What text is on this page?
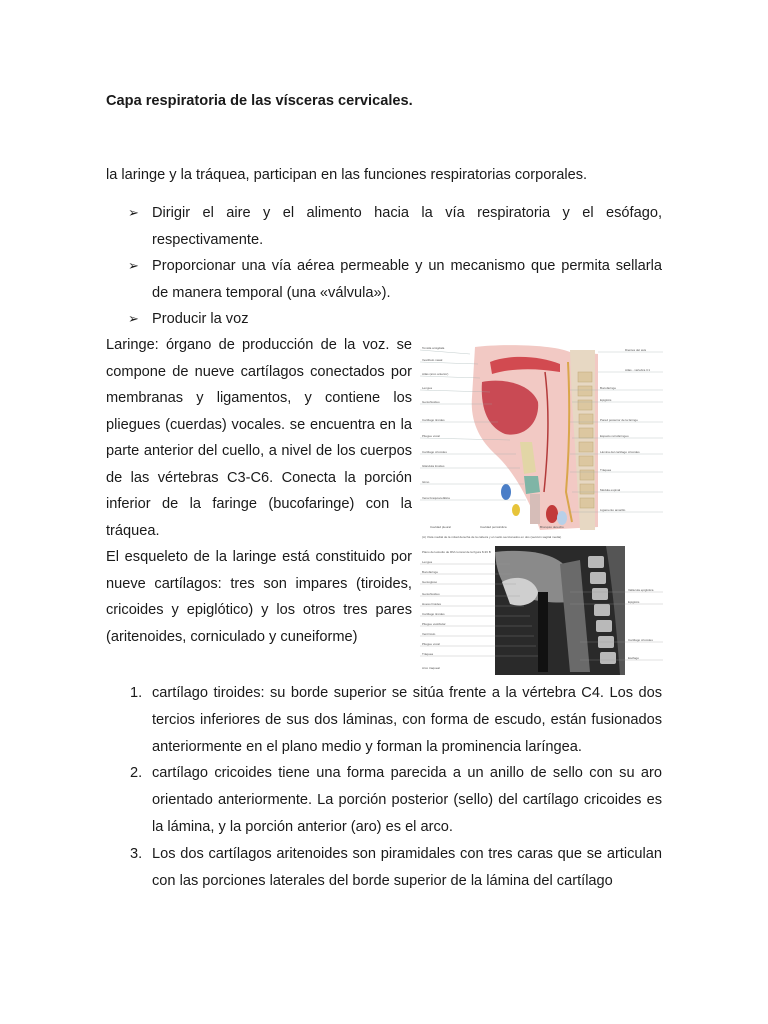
Capa respiratoria de las vísceras cervicales.
la laringe y la tráquea, participan en las funciones respiratorias corporales.
➢ Dirigir el aire y el alimento hacia la vía respiratoria y el esófago, respectivamente.
➢ Proporcionar una vía aérea permeable y un mecanismo que permita sellarla de manera temporal (una «válvula»).
➢ Producir la voz

Laringe: órgano de producción de la voz. se compone de nueve cartílagos conectados por membranas y ligamentos, y contiene los pliegues (cuerdas) vocales. se encuentra en la parte anterior del cuello, a nivel de los cuerpos de las vértebras C3-C6. Conecta la porción inferior de la faringe (bucofaringe) con la tráquea.

El esqueleto de la laringe está constituido por nueve cartílagos: tres son impares (tiroides, cricoides y epiglótico) y los otros tres pares (aritenoides, corniculado y cuneiforme)

Tonsila amigdala
Vestíbulo nasal
Atlas (arco anterior)
Lengua
Geniohioideo
Cartílago tiroides
Pliegue vocal
Cartílago cricoides
Glándula tiroides
Istmo
Vena braquiocefálica
Dientes del axis
Atlas - vértebra C1
Bucofaringe
Epiglotis
Pared posterior de la faringe
Espacio retrofaríngeo
Lámina del cartílago cricoides
Tráquea
Médula espinal
Ligamento amarillo
Cavidad pleural	Cavidad pericárdica	Bronquio derecho
(A) Vista medial de la mitad derecha de la cabeza y el cuello seccionados en dos (sección sagital media)
Plano del estudio de RM coronal de la figura 8-36 B
Lengua
Bucofaringe
Geniogloso
Geniohioideo
Hueso hioides
Cartílago tiroides
Pliegue vestibular
Ventrículo
Pliegue vocal
Tráquea
Arco traqueal
Vallécula epiglótica
Epiglotis
Cartílago cricoides
Esófago
1. cartílago tiroides: su borde superior se sitúa frente a la vértebra C4. Los dos tercios inferiores de sus dos láminas, con forma de escudo, están fusionados anteriormente en el plano medio y forman la prominencia laríngea.
2. cartílago cricoides tiene una forma parecida a un anillo de sello con su aro orientado anteriormente. La porción posterior (sello) del cartílago cricoides es la lámina, y la porción anterior (aro) es el arco.
3. Los dos cartílagos aritenoides son piramidales con tres caras que se articulan con las porciones laterales del borde superior de la lámina del cartílago
